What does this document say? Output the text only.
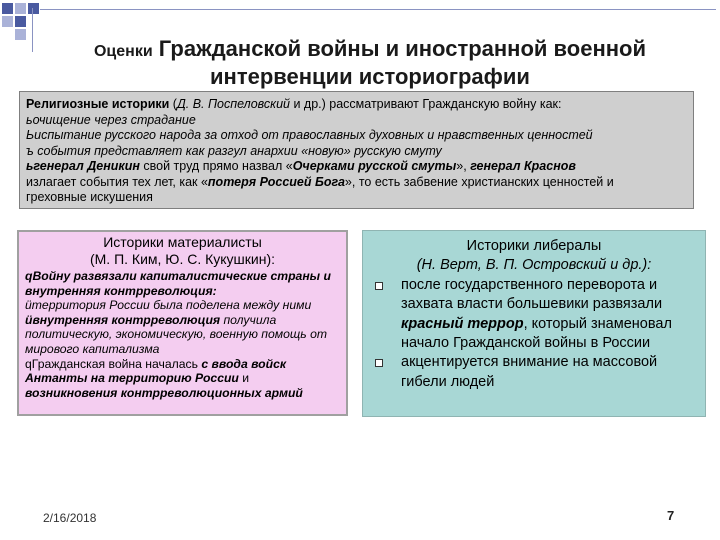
Оценки Гражданской войны и иностранной военной
интервенции историографии

Религиозные историки (Д. В. Поспеловский и др.) рассматривают Гражданскую войну как:

ьочищение через страдание

Ьиспытание русского народа за отход от православных духовных и нравственных ценностей

ъ события представляет как разгул анархии «новую» русскую смуту

ьгенерал Деникин свой труд прямо назвал «Очерками русской смуты», генерал Краснов

излагает события тех лет, как «потеря Россией Бога», то есть забвение христианских ценностей и

греховные искушения

Историки материалисты
(М. П. Ким, Ю. С. Кукушкин):

qВойну развязали капиталистические страны и внутренняя контрреволюция:

üтерритория России была поделена между ними

üвнутренняя контрреволюция получила политическую, экономическую, военную помощь от мирового капитализма

qГражданская война началась с ввода войск Антанты на территорию России и возникновения контрреволюционных армий

Историки либералы
(Н. Верт, В. П. Островский и др.):

после государственного переворота и захвата власти большевики развязали красный террор, который знаменовал начало Гражданской войны в России

акцентируется внимание на массовой гибели людей

2/16/2018	7
